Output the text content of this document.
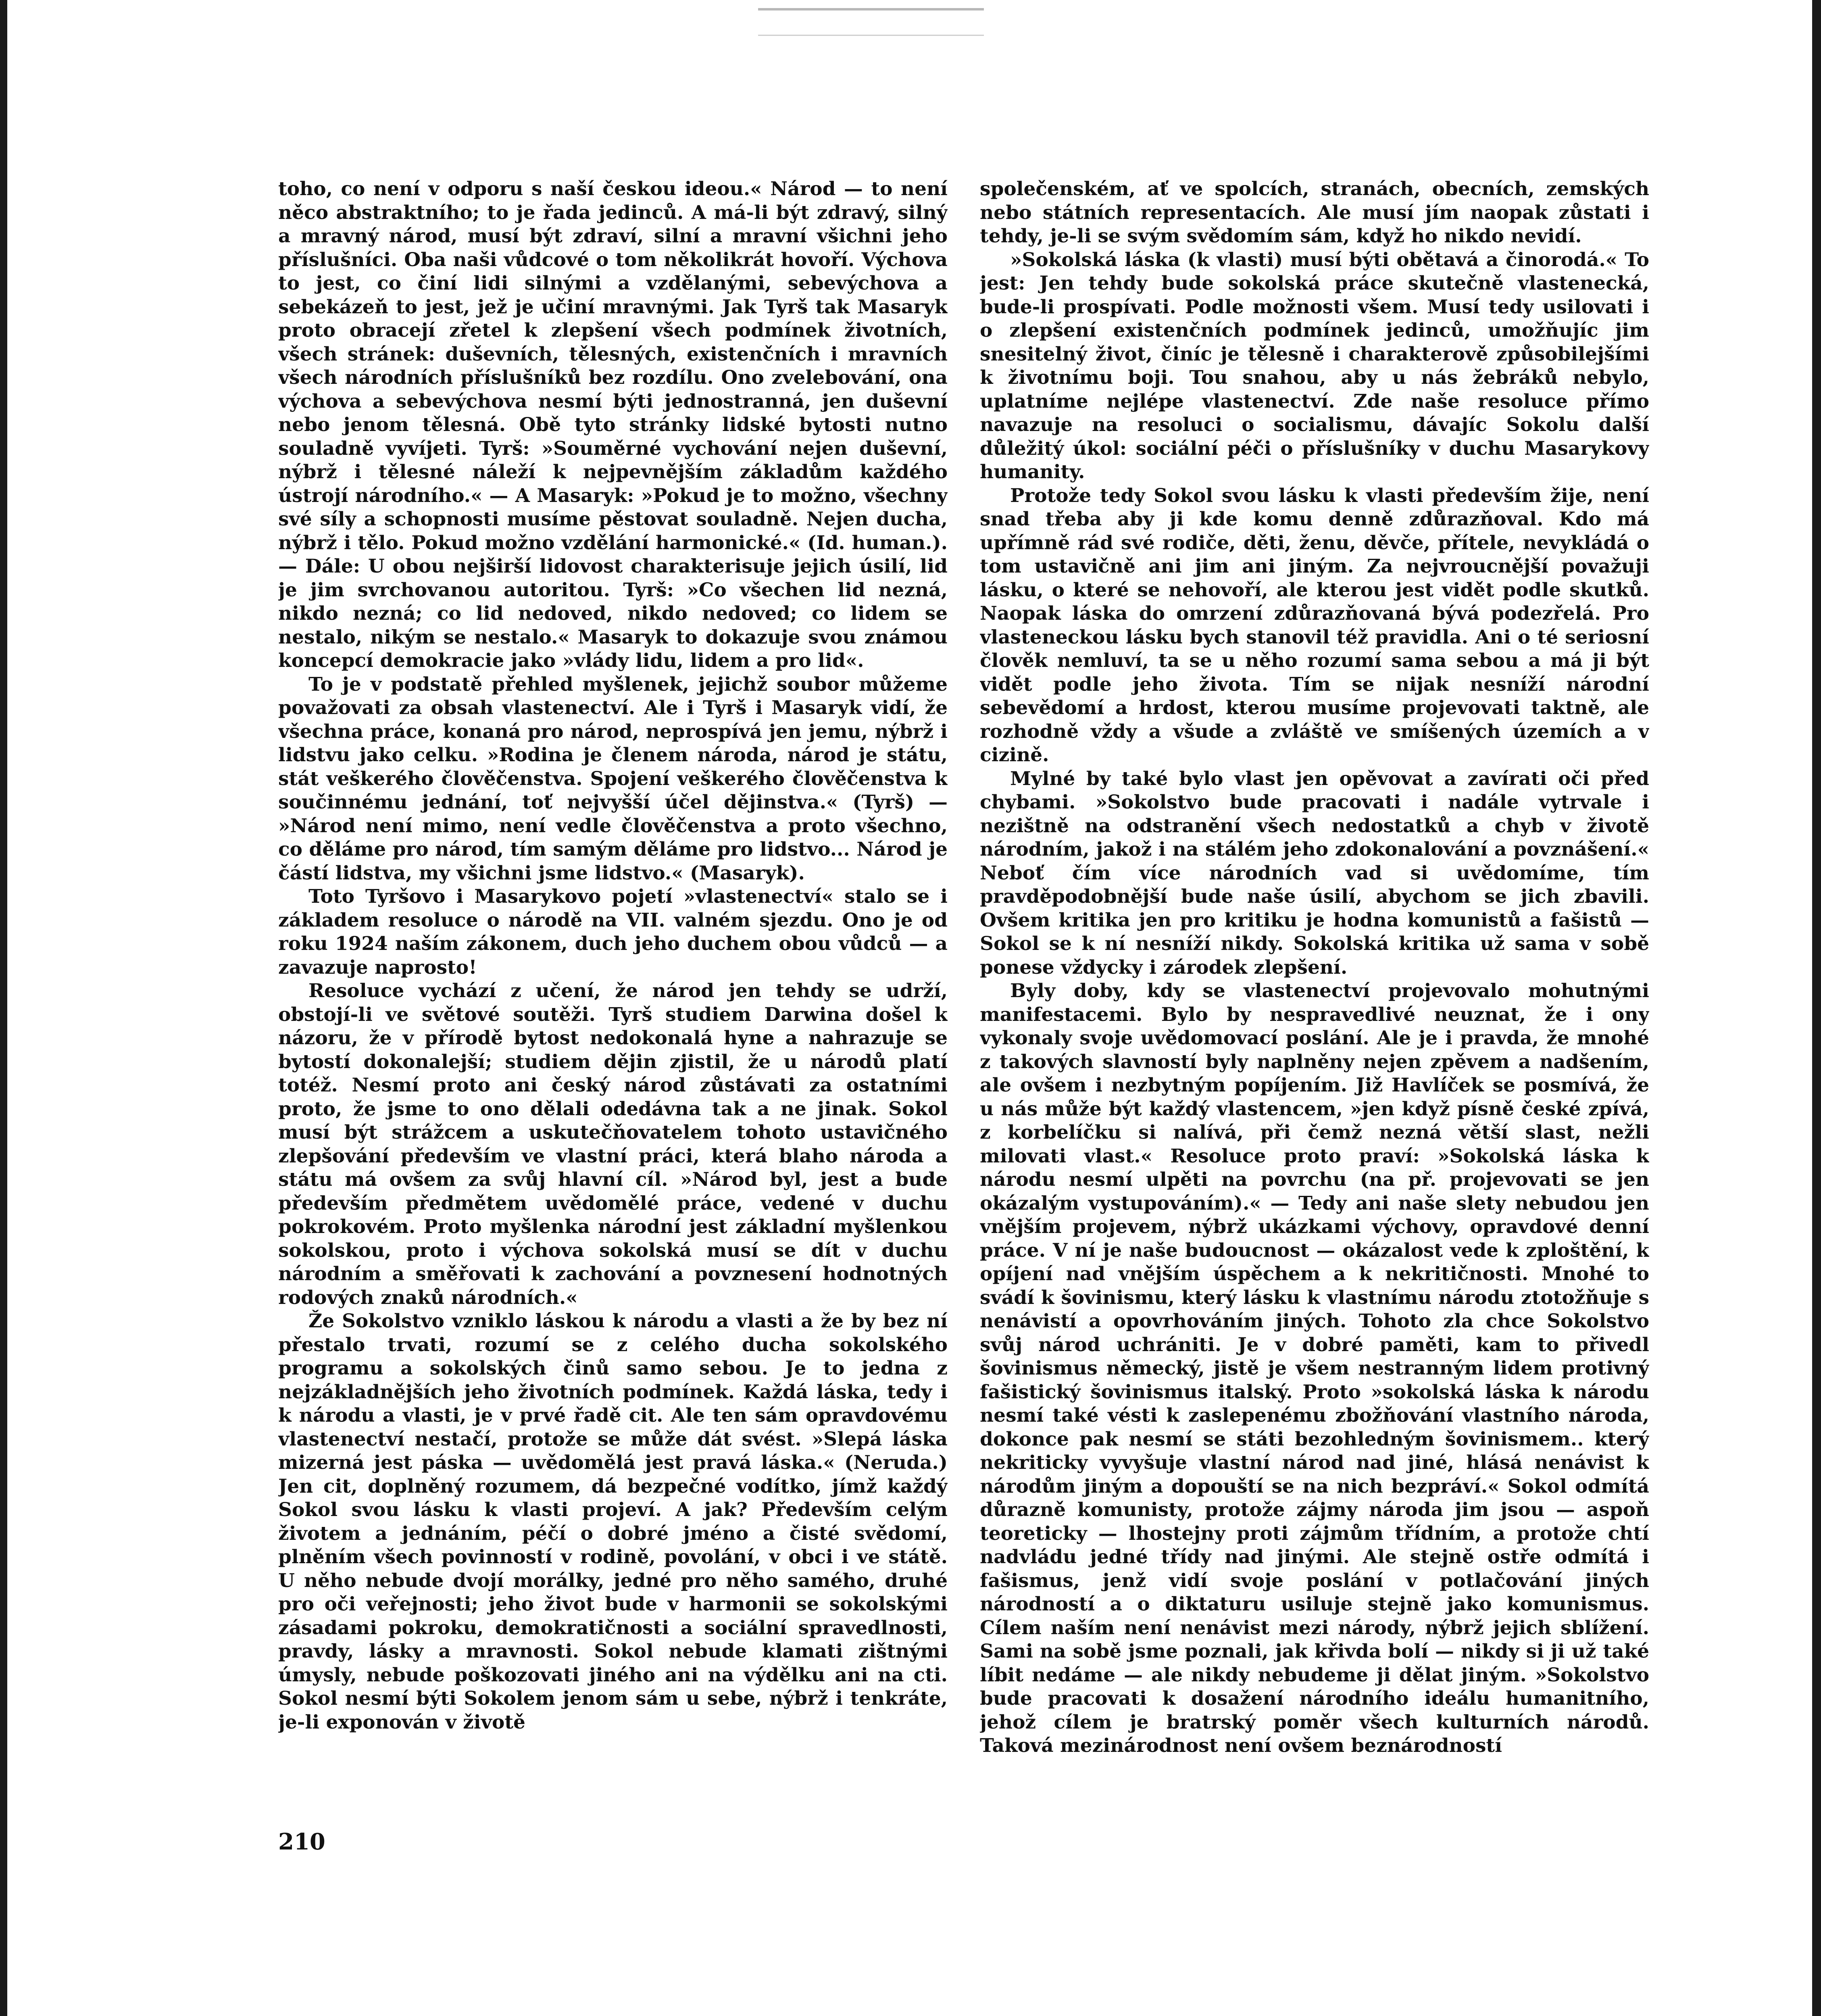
toho, co není v odporu s naší českou ideou.« Národ — to není něco abstraktního; to je řada jedinců. A má-li být zdravý, silný a mravný národ, musí být zdraví, silní a mravní všichni jeho příslušníci. Oba naši vůdcové o tom několikrát hovoří. Výchova to jest, co činí lidi silnými a vzdělanými, sebevýchova a sebekázeň to jest, jež je učiní mravnými. Jak Tyrš tak Masaryk proto obracejí zřetel k zlepšení všech podmínek životních, všech stránek: duševních, tělesných, existenčních i mravních všech národních příslušníků bez rozdílu. Ono zvelebování, ona výchova a sebevýchova nesmí býti jednostranná, jen duševní nebo jenom tělesná. Obě tyto stránky lidské bytosti nutno souladně vyvíjeti. Tyrš: »Souměrné vychování nejen duševní, nýbrž i tělesné náleží k nejpevnějším základům každého ústrojí národního.« — A Masaryk: »Pokud je to možno, všechny své síly a schopnosti musíme pěstovat souladně. Nejen ducha, nýbrž i tělo. Pokud možno vzdělání harmonické.« (Id. human.). — Dále: U obou nejširší lidovost charakterisuje jejich úsilí, lid je jim svrchovanou autoritou. Tyrš: »Co všechen lid nezná, nikdo nezná; co lid nedoved, nikdo nedoved; co lidem se nestalo, nikým se nestalo.« Masaryk to dokazuje svou známou koncepcí demokracie jako »vlády lidu, lidem a pro lid«.

To je v podstatě přehled myšlenek, jejichž soubor můžeme považovati za obsah vlastenectví. Ale i Tyrš i Masaryk vidí, že všechna práce, konaná pro národ, neprospívá jen jemu, nýbrž i lidstvu jako celku. »Rodina je členem národa, národ je státu, stát veškerého člověčenstva. Spojení veškerého člověčenstva k součinnému jednání, toť nejvyšší účel dějinstva.« (Tyrš) — »Národ není mimo, není vedle člověčenstva a proto všechno, co děláme pro národ, tím samým děláme pro lidstvo... Národ je částí lidstva, my všichni jsme lidstvo.« (Masaryk).

Toto Tyršovo i Masarykovo pojetí »vlastenectví« stalo se i základem resoluce o národě na VII. valném sjezdu. Ono je od roku 1924 naším zákonem, duch jeho duchem obou vůdců — a zavazuje naprosto!

Resoluce vychází z učení, že národ jen tehdy se udrží, obstojí-li ve světové soutěži. Tyrš studiem Darwina došel k názoru, že v přírodě bytost nedokonalá hyne a nahrazuje se bytostí dokonalejší; studiem dějin zjistil, že u národů platí totéž. Nesmí proto ani český národ zůstávati za ostatními proto, že jsme to ono dělali odedávna tak a ne jinak. Sokol musí být strážcem a uskutečňovatelem tohoto ustavičného zlepšování především ve vlastní práci, která blaho národa a státu má ovšem za svůj hlavní cíl. »Národ byl, jest a bude především předmětem uvědomělé práce, vedené v duchu pokrokovém. Proto myšlenka národní jest základní myšlenkou sokolskou, proto i výchova sokolská musí se dít v duchu národním a směřovati k zachování a povznesení hodnotných rodových znaků národních.«

Že Sokolstvo vzniklo láskou k národu a vlasti a že by bez ní přestalo trvati, rozumí se z celého ducha sokolského programu a sokolských činů samo sebou. Je to jedna z nejzákladnějších jeho životních podmínek. Každá láska, tedy i k národu a vlasti, je v prvé řadě cit. Ale ten sám opravdovému vlastenectví nestačí, protože se může dát svést. »Slepá láska mizerná jest páska — uvědomělá jest pravá láska.« (Neruda.) Jen cit, doplněný rozumem, dá bezpečné vodítko, jímž každý Sokol svou lásku k vlasti projeví. A jak? Především celým životem a jednáním, péčí o dobré jméno a čisté svědomí, plněním všech povinností v rodině, povolání, v obci i ve státě. U něho nebude dvojí morálky, jedné pro něho samého, druhé pro oči veřejnosti; jeho život bude v harmonii se sokolskými zásadami pokroku, demokratičnosti a sociální spravedlnosti, pravdy, lásky a mravnosti. Sokol nebude klamati zištnými úmysly, nebude poškozovati jiného ani na výdělku ani na cti. Sokol nesmí býti Sokolem jenom sám u sebe, nýbrž i tenkráte, je-li exponován v životě

společenském, ať ve spolcích, stranách, obecních, zemských nebo státních representacích. Ale musí jím naopak zůstati i tehdy, je-li se svým svědomím sám, když ho nikdo nevidí.

»Sokolská láska (k vlasti) musí býti obětavá a činorodá.« To jest: Jen tehdy bude sokolská práce skutečně vlastenecká, bude-li prospívati. Podle možnosti všem. Musí tedy usilovati i o zlepšení existenčních podmínek jedinců, umožňujíc jim snesitelný život, činíc je tělesně i charakterově způsobilejšími k životnímu boji. Tou snahou, aby u nás žebráků nebylo, uplatníme nejlépe vlastenectví. Zde naše resoluce přímo navazuje na resoluci o socialismu, dávajíc Sokolu další důležitý úkol: sociální péči o příslušníky v duchu Masarykovy humanity.

Protože tedy Sokol svou lásku k vlasti především žije, není snad třeba aby ji kde komu denně zdůrazňoval. Kdo má upřímně rád své rodiče, děti, ženu, děvče, přítele, nevykládá o tom ustavičně ani jim ani jiným. Za nejvroucnější považuji lásku, o které se nehovoří, ale kterou jest vidět podle skutků. Naopak láska do omrzení zdůrazňovaná bývá podezřelá. Pro vlasteneckou lásku bych stanovil též pravidla. Ani o té seriosní člověk nemluví, ta se u něho rozumí sama sebou a má ji být vidět podle jeho života. Tím se nijak nesníží národní sebevědomí a hrdost, kterou musíme projevovati taktně, ale rozhodně vždy a všude a zvláště ve smíšených územích a v cizině.

Mylné by také bylo vlast jen opěvovat a zavírati oči před chybami. »Sokolstvo bude pracovati i nadále vytrvale i nezištně na odstranění všech nedostatků a chyb v životě národním, jakož i na stálém jeho zdokonalování a povznášení.« Neboť čím více národních vad si uvědomíme, tím pravděpodobnější bude naše úsilí, abychom se jich zbavili. Ovšem kritika jen pro kritiku je hodna komunistů a fašistů — Sokol se k ní nesníží nikdy. Sokolská kritika už sama v sobě ponese vždycky i zárodek zlepšení.

Byly doby, kdy se vlastenectví projevovalo mohutnými manifestacemi. Bylo by nespravedlivé neuznat, že i ony vykonaly svoje uvědomovací poslání. Ale je i pravda, že mnohé z takových slavností byly naplněny nejen zpěvem a nadšením, ale ovšem i nezbytným popíjením. Již Havlíček se posmívá, že u nás může být každý vlastencem, »jen když písně české zpívá, z korbelíčku si nalívá, při čemž nezná větší slast, nežli milovati vlast.« Resoluce proto praví: »Sokolská láska k národu nesmí ulpěti na povrchu (na př. projevovati se jen okázalým vystupováním).« — Tedy ani naše slety nebudou jen vnějším projevem, nýbrž ukázkami výchovy, opravdové denní práce. V ní je naše budoucnost — okázalost vede k zploštění, k opíjení nad vnějším úspěchem a k nekritičnosti. Mnohé to svádí k šovinismu, který lásku k vlastnímu národu ztotožňuje s nenávistí a opovrhováním jiných. Tohoto zla chce Sokolstvo svůj národ uchrániti. Je v dobré paměti, kam to přivedl šovinismus německý, jistě je všem nestranným lidem protivný fašistický šovinismus italský. Proto »sokolská láska k národu nesmí také vésti k zaslepenému zbožňování vlastního národa, dokonce pak nesmí se státi bezohledným šovinismem.. který nekriticky vyvyšuje vlastní národ nad jiné, hlásá nenávist k národům jiným a dopouští se na nich bezpráví.« Sokol odmítá důrazně komunisty, protože zájmy národa jim jsou — aspoň teoreticky — lhostejny proti zájmům třídním, a protože chtí nadvládu jedné třídy nad jinými. Ale stejně ostře odmítá i fašismus, jenž vidí svoje poslání v potlačování jiných národností a o diktaturu usiluje stejně jako komunismus. Cílem naším není nenávist mezi národy, nýbrž jejich sblížení. Sami na sobě jsme poznali, jak křivda bolí — nikdy si ji už také líbit nedáme — ale nikdy nebudeme ji dělat jiným. »Sokolstvo bude pracovati k dosažení národního ideálu humanitního, jehož cílem je bratrský poměr všech kulturních národů. Taková mezinárodnost není ovšem beznárodností

210
